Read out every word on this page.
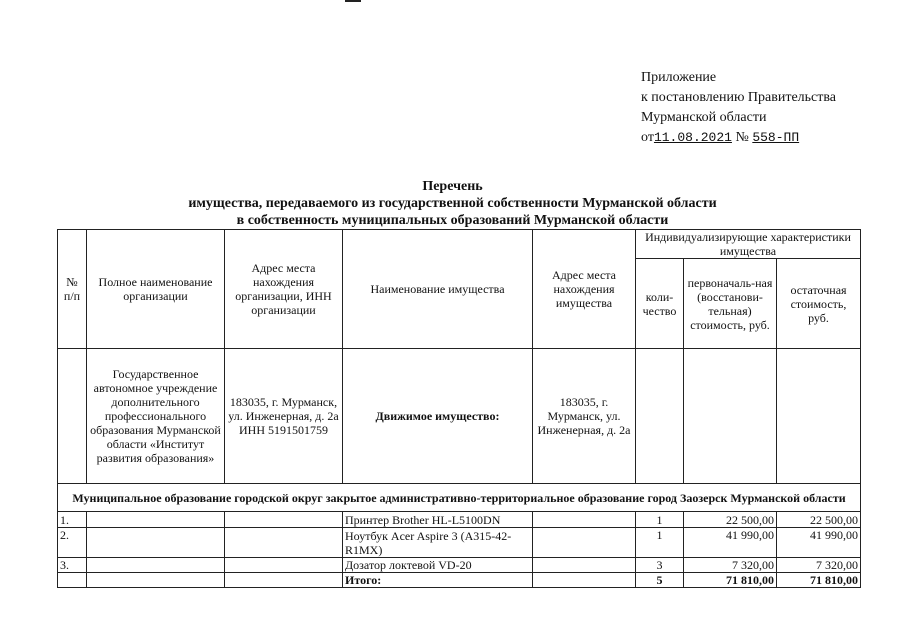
Приложение
к постановлению Правительства
Мурманской области
от11.08.2021 № 558-ПП
Перечень
имущества, передаваемого из государственной собственности Мурманской области
в собственность муниципальных образований Мурманской области
№ п/п	Полное наименование организации	Адрес места нахождения организации, ИНН организации	Наименование имущества	Адрес места нахождения имущества	Индивидуализирующие характеристики имущества		
					коли-чество	первоначаль-ная (восстанови-тельная) стоимость, руб.	остаточная стоимость, руб.
	Государственное автономное учреждение дополнительного профессионального образования Мурманской области «Институт развития образования»	183035, г. Мурманск, ул. Инженерная, д. 2а ИНН 5191501759	Движимое имущество:	183035, г. Мурманск, ул. Инженерная, д. 2а			
Муниципальное образование городской округ закрытое административно-территориальное образование город Заозерск Мурманской области							
1.			Принтер Brother HL-L5100DN		1	22 500,00	22 500,00
2.			Ноутбук Acer Aspire 3 (A315-42-R1MX)		1	41 990,00	41 990,00
3.			Дозатор локтевой VD-20		3	7 320,00	7 320,00
			Итого:		5	71 810,00	71 810,00
